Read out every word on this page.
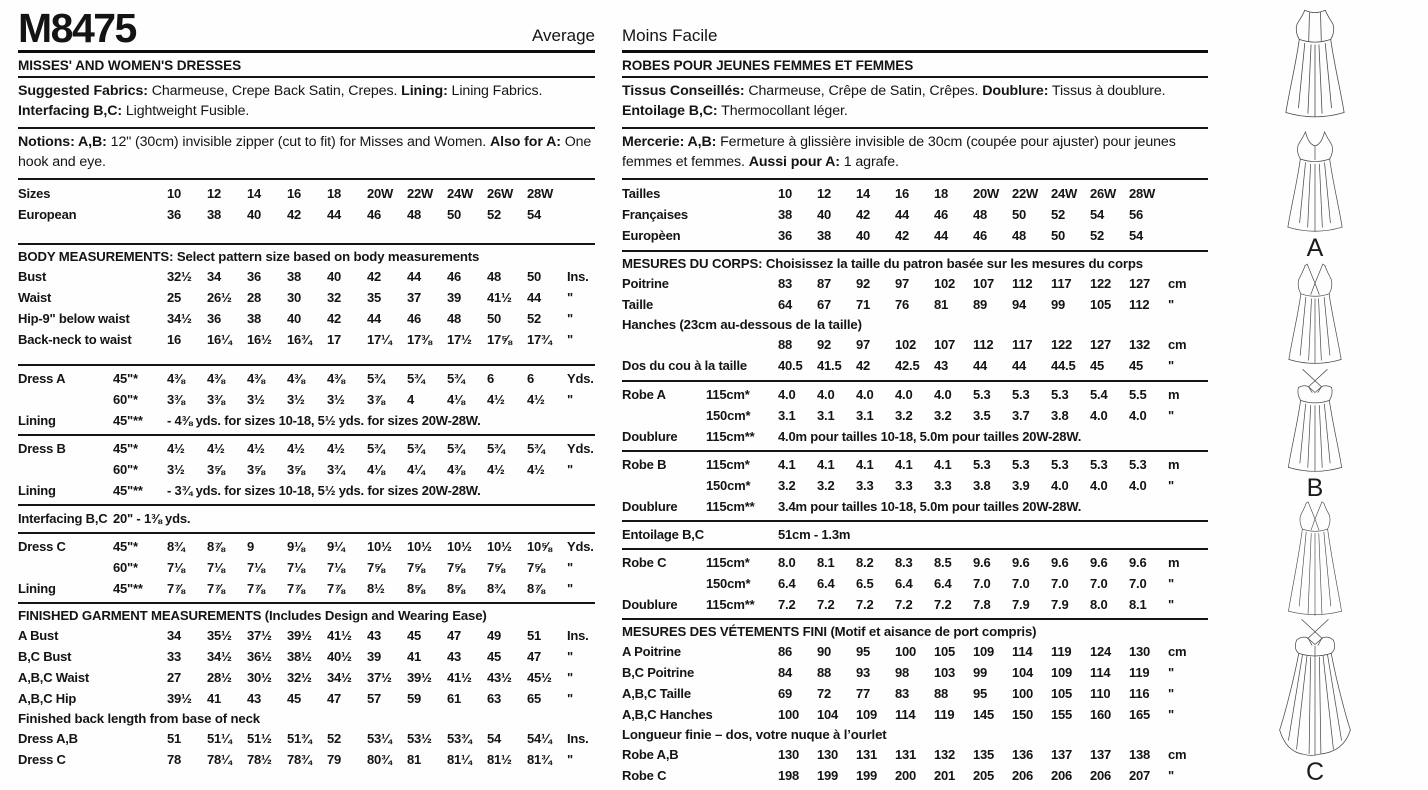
M8475	Average
MISSES' AND WOMEN'S DRESSES
Suggested Fabrics: Charmeuse, Crepe Back Satin, Crepes. Lining: Lining Fabrics. Interfacing B,C: Lightweight Fusible.
Notions: A,B: 12" (30cm) invisible zipper (cut to fit) for Misses and Women. Also for A: One hook and eye.
Sizes	10	12	14	16	18	20W	22W	24W	26W	28W
European	36	38	40	42	44	46	48	50	52	54
BODY MEASUREMENTS: Select pattern size based on body measurements
Bust	32½	34	36	38	40	42	44	46	48	50	Ins.
Waist	25	26½	28	30	32	35	37	39	41½	44	"
Hip-9" below waist	34½	36	38	40	42	44	46	48	50	52	"
Back-neck to waist	16	16¼	16½	16¾	17	17¼	17⅜	17½	17⅝	17¾	"
Dress A	45"*	4⅜	4⅜	4⅜	4⅜	4⅜	5¾	5¾	5¾	6	6	Yds.
60"*	3⅜	3⅜	3½	3½	3½	3⅞	4	4⅛	4½	4½	"
Lining	45"**	- 4⅜ yds. for sizes 10-18, 5½ yds. for sizes 20W-28W.
Dress B	45"*	4½	4½	4½	4½	4½	5¾	5¾	5¾	5¾	5¾	Yds.
60"*	3½	3⅝	3⅝	3⅝	3¾	4⅛	4¼	4⅜	4½	4½	"
Lining	45"**	- 3¾ yds. for sizes 10-18, 5½ yds. for sizes 20W-28W.
Interfacing B,C 20" - 1⅜ yds.
Dress C	45"*	8¾	8⅞	9	9⅛	9¼	10½	10½	10½	10½	10⅝	Yds.
60"*	7⅛	7⅛	7⅛	7⅛	7⅛	7⅝	7⅝	7⅝	7⅝	7⅝	"
Lining	45"**	7⅞	7⅞	7⅞	7⅞	7⅞	8½	8⅝	8⅝	8¾	8⅞	"
FINISHED GARMENT MEASUREMENTS (Includes Design and Wearing Ease)
A Bust	34	35½	37½	39½	41½	43	45	47	49	51	Ins.
B,C Bust	33	34½	36½	38½	40½	39	41	43	45	47	"
A,B,C Waist	27	28½	30½	32½	34½	37½	39½	41½	43½	45½	"
A,B,C Hip	39½	41	43	45	47	57	59	61	63	65	"
Finished back length from base of neck
Dress A,B	51	51¼	51½	51¾	52	53¼	53½	53¾	54	54¼	Ins.
Dress C	78	78¼	78½	78¾	79	80¾	81	81¼	81½	81¾	"
Moins Facile
ROBES POUR JEUNES FEMMES ET FEMMES
Tissus Conseillés: Charmeuse, Crêpe de Satin, Crêpes. Doublure: Tissus à doublure. Entoilage B,C: Thermocollant léger.
Mercerie: A,B: Fermeture à glissière invisible de 30cm (coupée pour ajuster) pour jeunes femmes et femmes. Aussi pour A: 1 agrafe.
Tailles	10	12	14	16	18	20W 22W 24W 26W 28W
Françaises	38	40	42	44	46	48	50	52	54	56
Europèen	36	38	40	42	44	46	48	50	52	54
MESURES DU CORPS: Choisissez la taille du patron basée sur les mesures du corps
Poitrine	83	87	92	97	102	107	112	117	122	127	cm
Taille	64	67	71	76	81	89	94	99	105	112	"
Hanches (23cm au-dessous de la taille)
88	92	97	102	107	112	117	122	127	132	cm
Dos du cou à la taille 40.5	41.5	42	42.5	43	44	44	44.5	45	45	"
Robe A	115cm*	4.0	4.0	4.0	4.0	4.0	5.3	5.3	5.3	5.4	5.5	m
150cm*	3.1	3.1	3.1	3.2	3.2	3.5	3.7	3.8	4.0	4.0	"
Doublure	115cm**	4.0m pour tailles 10-18, 5.0m pour tailles 20W-28W.
Robe B	115cm*	4.1	4.1	4.1	4.1	4.1	5.3	5.3	5.3	5.3	5.3	m
150cm*	3.2	3.2	3.3	3.3	3.3	3.8	3.9	4.0	4.0	4.0	"
Doublure	115cm**	3.4m pour tailles 10-18, 5.0m pour tailles 20W-28W.
Entoilage B,C	51cm - 1.3m
Robe C	115cm*	8.0	8.1	8.2	8.3	8.5	9.6	9.6	9.6	9.6	9.6	m
150cm*	6.4	6.4	6.5	6.4	6.4	7.0	7.0	7.0	7.0	7.0	"
Doublure	115cm**	7.2	7.2	7.2	7.2	7.2	7.8	7.9	7.9	8.0	8.1	"
MESURES DES VÉTEMENTS FINI (Motif et aisance de port compris)
A Poitrine	86	90	95	100	105	109	114	119	124	130	cm
B,C Poitrine	84	88	93	98	103	99	104	109	114	119	"
A,B,C Taille	69	72	77	83	88	95	100	105	110	116	"
A,B,C Hanches	100	104	109	114	119	145	150	155	160	165	"
Longueur finie – dos, votre nuque à l’ourlet
Robe A,B	130	130	131	131	132	135	136	137	137	138	cm
Robe C	198	199	199	200	201	205	206	206	206	207	"
A
B
C
